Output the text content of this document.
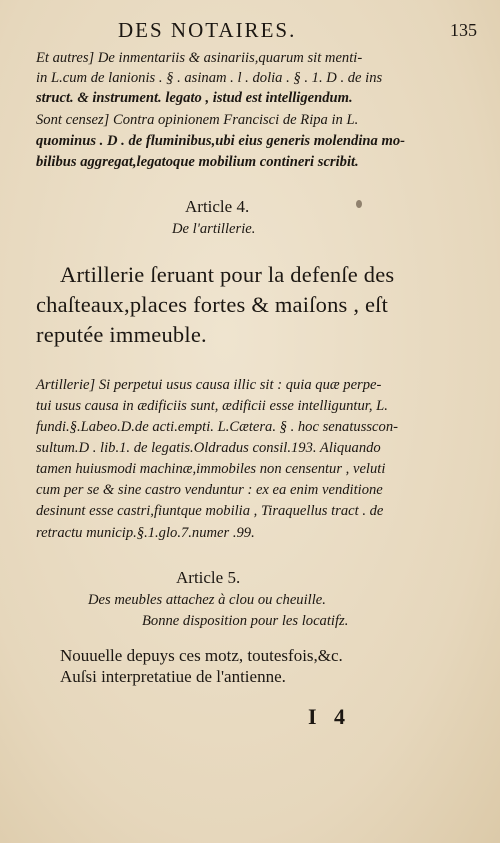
DES NOTAIRES.	135
Et autres] De inmentariis & asinariis,quarum sit menti-
in L.cum de lanionis . § . asinam . l . dolia . § . 1. D . de ins
struct. & instrument. legato , istud est intelligendum.
Sont censez] Contra opinionem Francisci de Ripa in L.
quominus . D . de fluminibus,ubi eius generis molendina mo-
bilibus aggregat,legatoque mobilium contineri scribit.
Article 4.
De l'artillerie.
Artillerie ſeruant pour la defenſe des
chaſteaux,places fortes & maiſons , eſt
reputée immeuble.
Artillerie] Si perpetui usus causa illic sit : quia quæ perpe-
tui usus causa in ædificiis sunt, ædificii esse intelliguntur, L.
fundi.§.Labeo.D.de acti.empti. L.Cætera. § . hoc senatusscon-
sultum.D . lib.1. de legatis.Oldradus consil.193. Aliquando
tamen huiusmodi machinæ,immobiles non censentur , veluti
cum per se & sine castro venduntur : ex ea enim venditione
desinunt esse castri,fiuntque mobilia , Tiraquellus tract . de
retractu municip.§.1.glo.7.numer .99.
Article 5.
Des meubles attachez à clou ou cheuille.
Bonne disposition pour les locatifz.
Nouuelle depuys ces motz, toutesfois,&c.
Auſsi interpretatiue de l'antienne.
I 4
